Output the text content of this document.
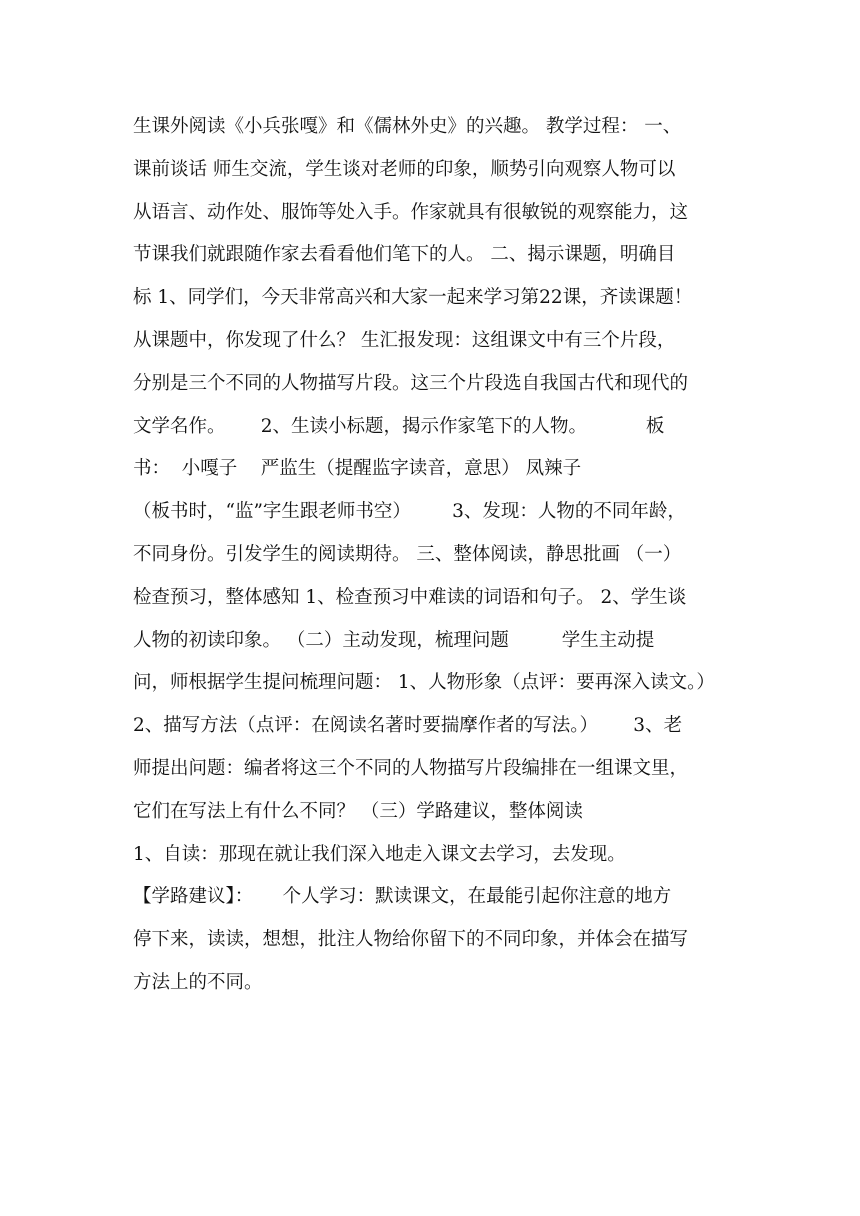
生课外阅读《小兵张嘎》和《儒林外史》的兴趣。 教学过程： 一、
课前谈话 师生交流，学生谈对老师的印象，顺势引向观察人物可以
从语言、动作处、服饰等处入手。作家就具有很敏锐的观察能力，这
节课我们就跟随作家去看看他们笔下的人。 二、揭示课题，明确目
标 1、同学们，今天非常高兴和大家一起来学习第22课，齐读课题！
从课题中，你发现了什么？ 生汇报发现：这组课文中有三个片段，
分别是三个不同的人物描写片段。这三个片段选自我国古代和现代的
文学名作。      2、生读小标题，揭示作家笔下的人物。          板
书：  小嘎子    严监生（提醒监字读音，意思） 凤辣子
（板书时，“监”字生跟老师书空）       3、发现：人物的不同年龄，
不同身份。引发学生的阅读期待。 三、整体阅读，静思批画 （一）
检查预习，整体感知 1、检查预习中难读的词语和句子。 2、学生谈
人物的初读印象。 （二）主动发现，梳理问题         学生主动提
问，师根据学生提问梳理问题： 1、人物形象（点评：要再深入读文。）
2、描写方法（点评：在阅读名著时要揣摩作者的写法。）      3、老
师提出问题：编者将这三个不同的人物描写片段编排在一组课文里，
它们在写法上有什么不同？ （三）学路建议，整体阅读
1、自读：那现在就让我们深入地走入课文去学习，去发现。
【学路建议】：     个人学习：默读课文，在最能引起你注意的地方
停下来，读读，想想，批注人物给你留下的不同印象，并体会在描写
方法上的不同。
